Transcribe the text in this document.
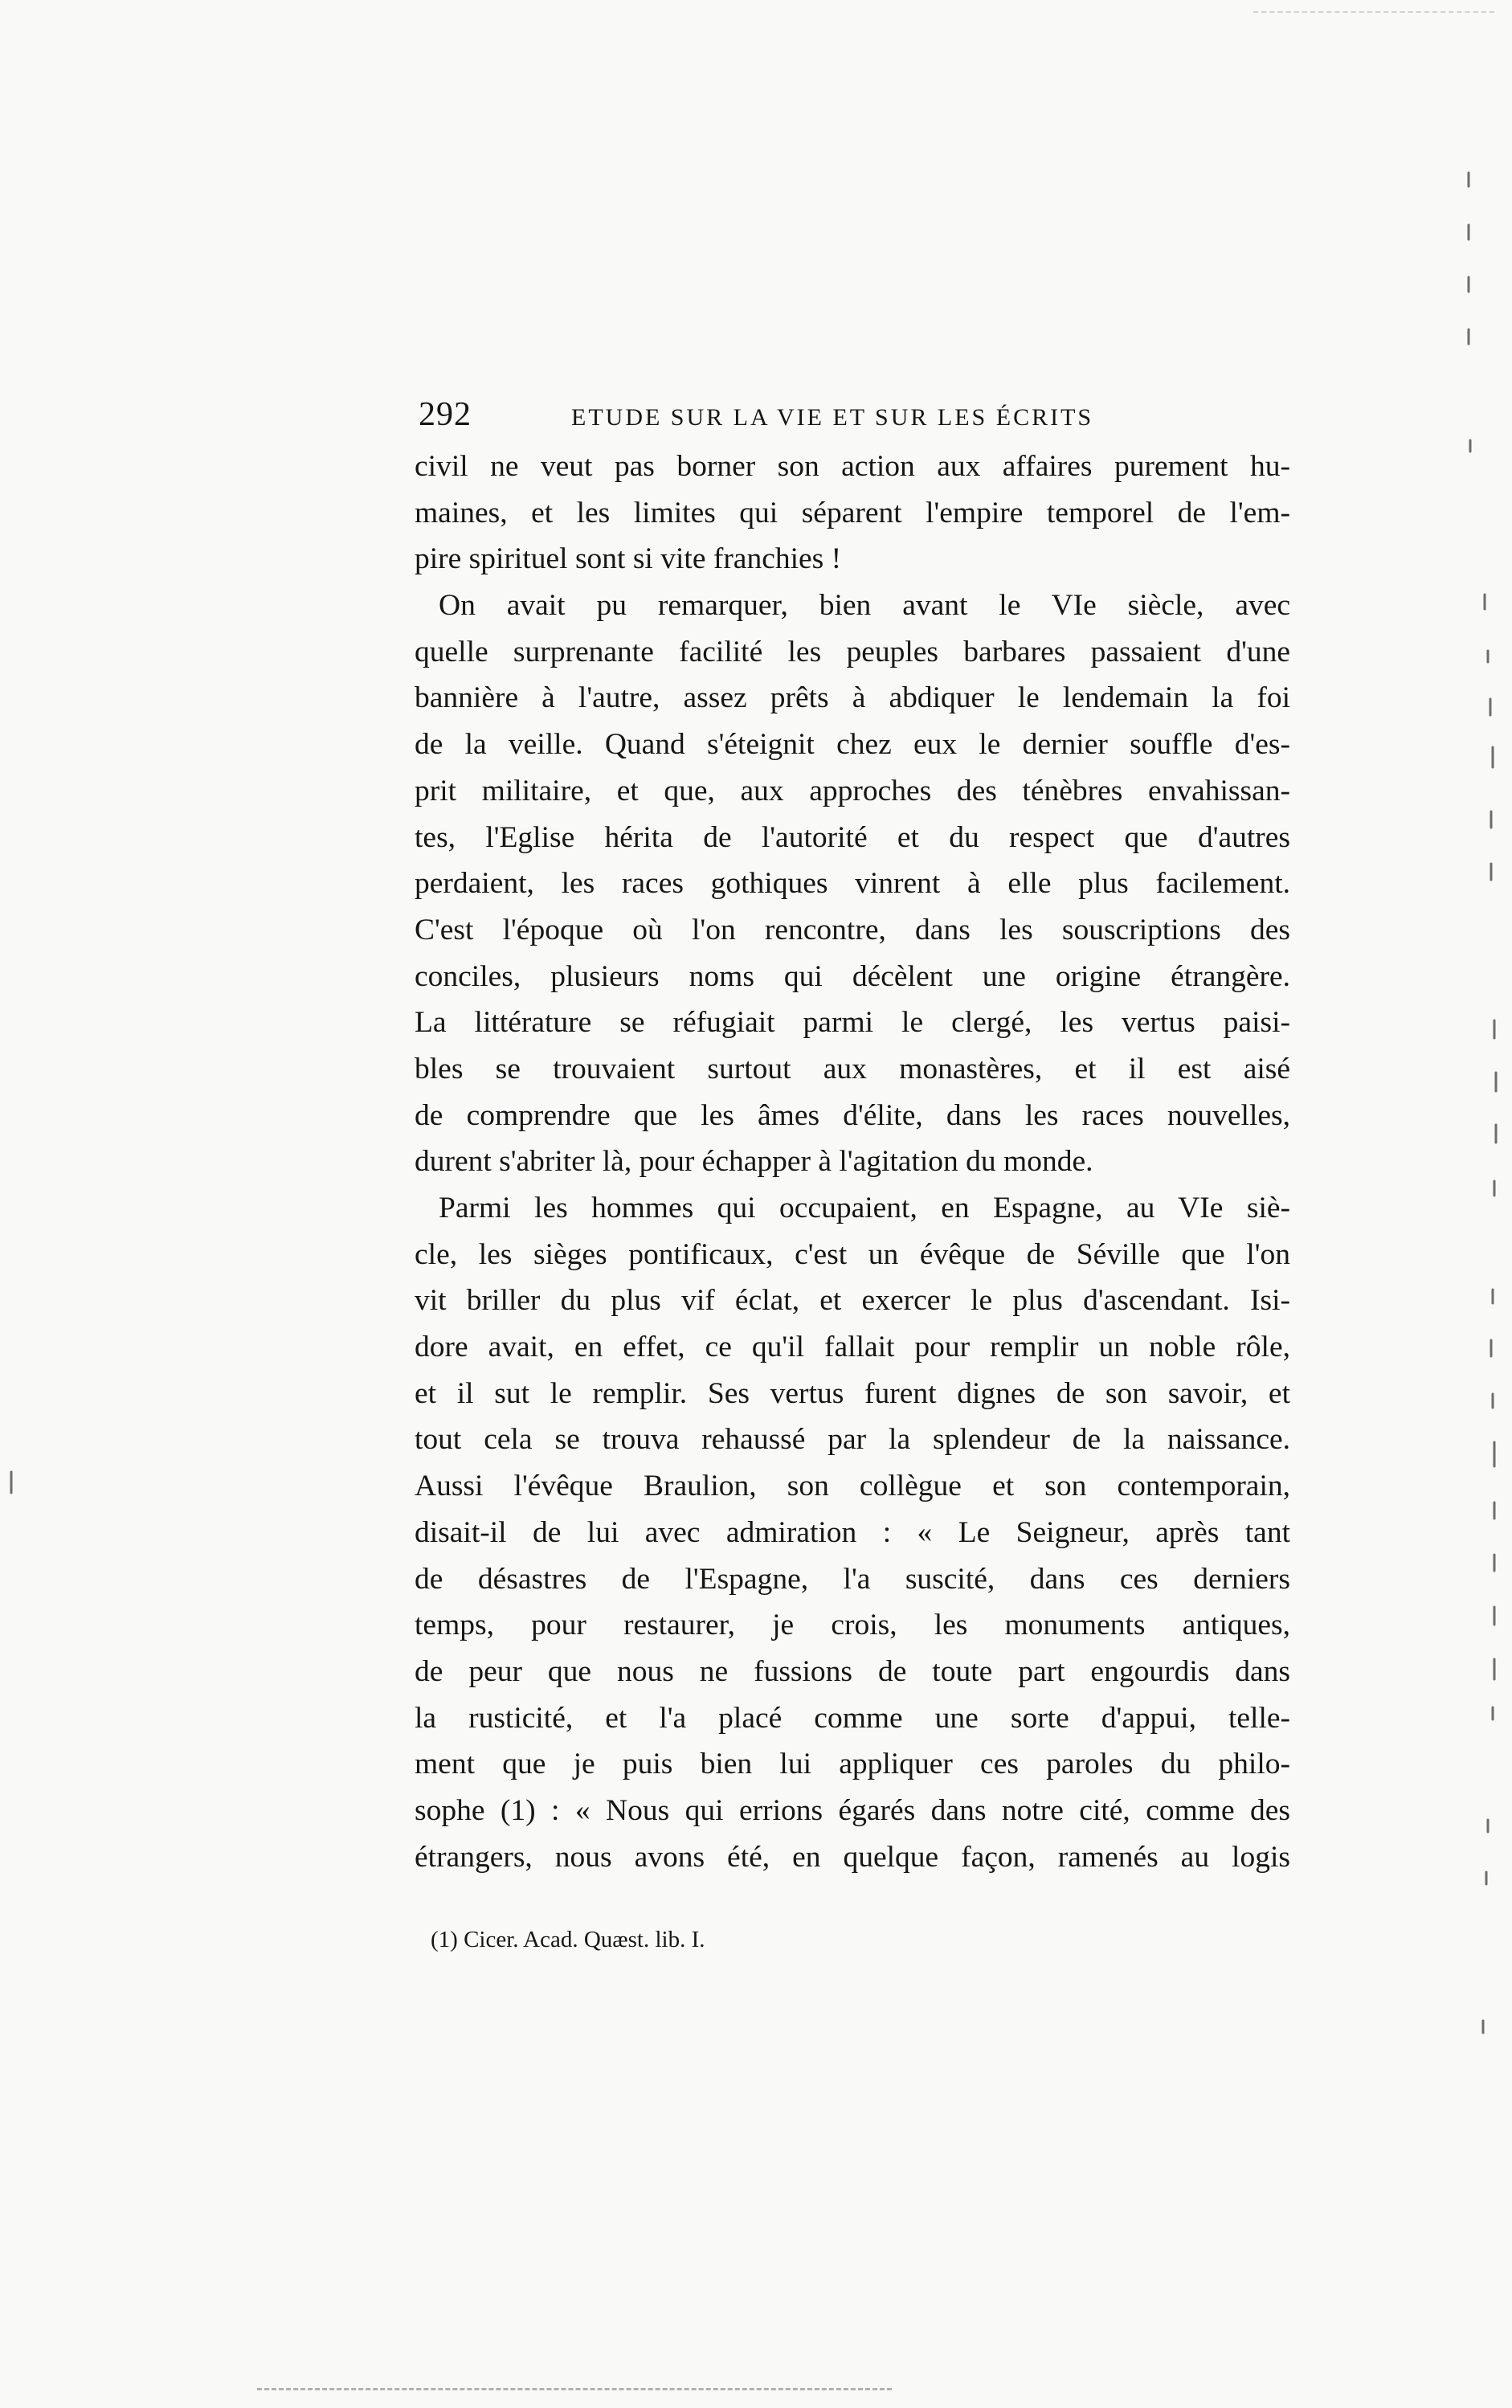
292	ETUDE SUR LA VIE ET SUR LES ÉCRITS
civil ne veut pas borner son action aux affaires purement hu-
maines, et les limites qui séparent l'empire temporel de l'em-
pire spirituel sont si vite franchies !
On avait pu remarquer, bien avant le VIe siècle, avec
quelle surprenante facilité les peuples barbares passaient d'une
bannière à l'autre, assez prêts à abdiquer le lendemain la foi
de la veille. Quand s'éteignit chez eux le dernier souffle d'es-
prit militaire, et que, aux approches des ténèbres envahissan-
tes, l'Eglise hérita de l'autorité et du respect que d'autres
perdaient, les races gothiques vinrent à elle plus facilement.
C'est l'époque où l'on rencontre, dans les souscriptions des
conciles, plusieurs noms qui décèlent une origine étrangère.
La littérature se réfugiait parmi le clergé, les vertus paisi-
bles se trouvaient surtout aux monastères, et il est aisé
de comprendre que les âmes d'élite, dans les races nouvelles,
durent s'abriter là, pour échapper à l'agitation du monde.
Parmi les hommes qui occupaient, en Espagne, au VIe siè-
cle, les sièges pontificaux, c'est un évêque de Séville que l'on
vit briller du plus vif éclat, et exercer le plus d'ascendant. Isi-
dore avait, en effet, ce qu'il fallait pour remplir un noble rôle,
et il sut le remplir. Ses vertus furent dignes de son savoir, et
tout cela se trouva rehaussé par la splendeur de la naissance.
Aussi l'évêque Braulion, son collègue et son contemporain,
disait-il de lui avec admiration : « Le Seigneur, après tant
de désastres de l'Espagne, l'a suscité, dans ces derniers
temps, pour restaurer, je crois, les monuments antiques,
de peur que nous ne fussions de toute part engourdis dans
la rusticité, et l'a placé comme une sorte d'appui, telle-
ment que je puis bien lui appliquer ces paroles du philo-
sophe (1) : « Nous qui errions égarés dans notre cité, comme des
étrangers, nous avons été, en quelque façon, ramenés au logis
(1) Cicer. Acad. Quæst. lib. I.
